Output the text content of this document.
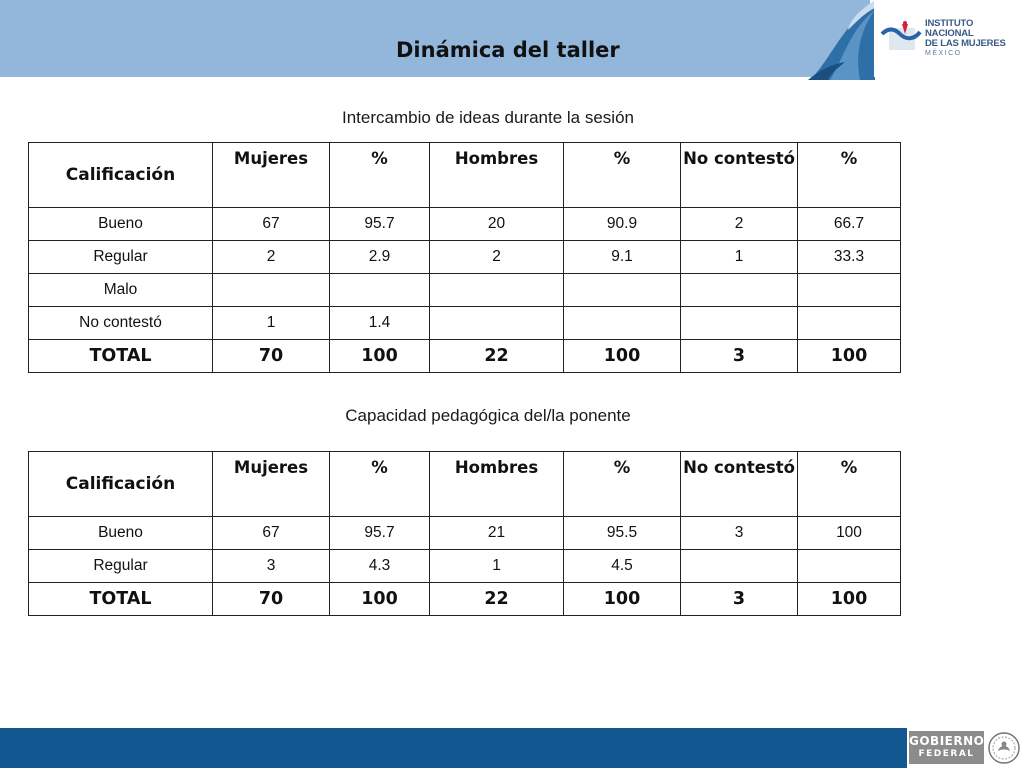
Dinámica del taller
INSTITUTO NACIONAL
DE LAS MUJERES
MÉXICO
Intercambio de ideas durante la sesión
Calificación	Mujeres	%	Hombres	%	No contestó	%
Bueno	67	95.7	20	90.9	2	66.7
Regular	2	2.9	2	9.1	1	33.3
Malo						
No contestó	1	1.4				
TOTAL	70	100	22	100	3	100
Capacidad pedagógica del/la ponente
Calificación	Mujeres	%	Hombres	%	No contestó	%
Bueno	67	95.7	21	95.5	3	100
Regular	3	4.3	1	4.5		
TOTAL	70	100	22	100	3	100
GOBIERNO
FEDERAL
